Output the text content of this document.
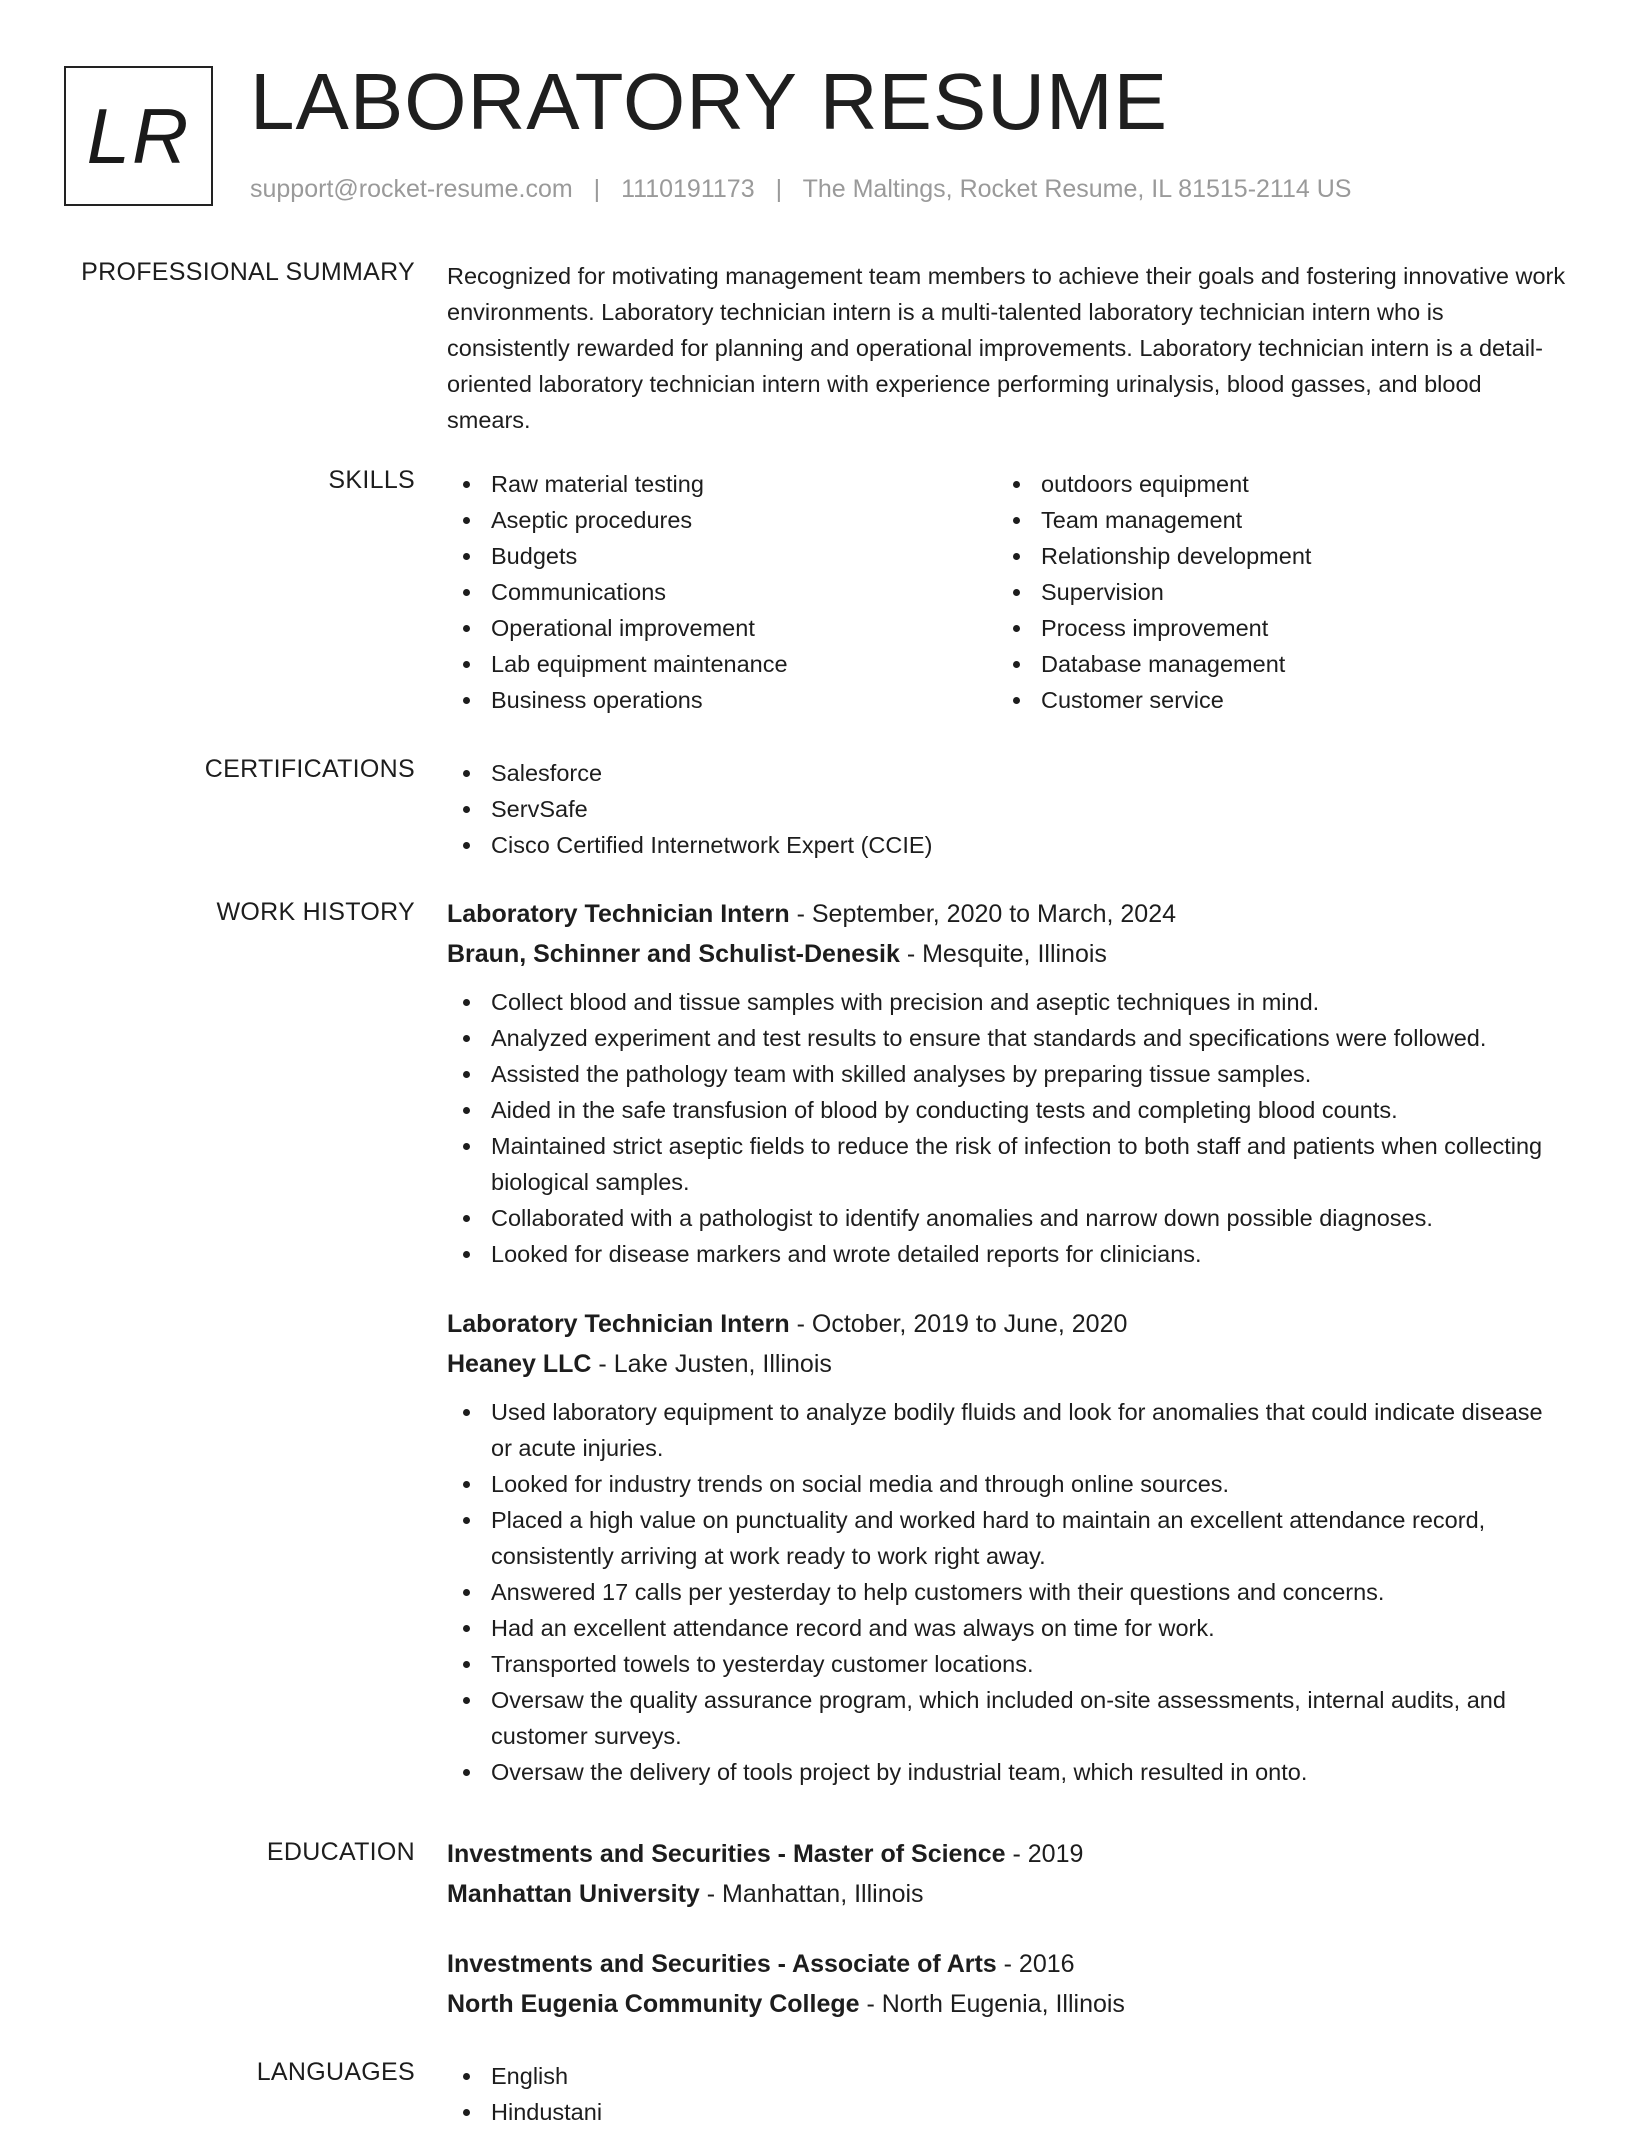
LR LABORATORY RESUME
support@rocket-resume.com | 1110191173 | The Maltings, Rocket Resume, IL 81515-2114 US
PROFESSIONAL SUMMARY Recognized for motivating management team members to achieve their goals and fostering innovative work environments. Laboratory technician intern is a multi-talented laboratory technician intern who is consistently rewarded for planning and operational improvements. Laboratory technician intern is a detail-oriented laboratory technician intern with experience performing urinalysis, blood gasses, and blood smears.

SKILLS	Raw material testing
Aseptic procedures
Budgets
Communications
Operational improvement
Lab equipment maintenance
Business operations
outdoors equipment
Team management
Relationship development
Supervision
Process improvement
Database management
Customer service
CERTIFICATIONS	Salesforce
ServSafe
Cisco Certified Internetwork Expert (CCIE)
WORK HISTORY Laboratory Technician Intern - September, 2020 to March, 2024
Braun, Schinner and Schulist-Denesik - Mesquite, Illinois
Collect blood and tissue samples with precision and aseptic techniques in mind.
Analyzed experiment and test results to ensure that standards and specifications were followed.
Assisted the pathology team with skilled analyses by preparing tissue samples.
Aided in the safe transfusion of blood by conducting tests and completing blood counts.
Maintained strict aseptic fields to reduce the risk of infection to both staff and patients when collecting biological samples.
Collaborated with a pathologist to identify anomalies and narrow down possible diagnoses.
Looked for disease markers and wrote detailed reports for clinicians.
Laboratory Technician Intern - October, 2019 to June, 2020
Heaney LLC - Lake Justen, Illinois
Used laboratory equipment to analyze bodily fluids and look for anomalies that could indicate disease or acute injuries.
Looked for industry trends on social media and through online sources.
Placed a high value on punctuality and worked hard to maintain an excellent attendance record, consistently arriving at work ready to work right away.
Answered 17 calls per yesterday to help customers with their questions and concerns.
Had an excellent attendance record and was always on time for work.
Transported towels to yesterday customer locations.
Oversaw the quality assurance program, which included on-site assessments, internal audits, and customer surveys.
Oversaw the delivery of tools project by industrial team, which resulted in onto.
EDUCATION Investments and Securities - Master of Science - 2019
Manhattan University - Manhattan, Illinois
Investments and Securities - Associate of Arts - 2016
North Eugenia Community College - North Eugenia, Illinois
LANGUAGES	English
Hindustani
